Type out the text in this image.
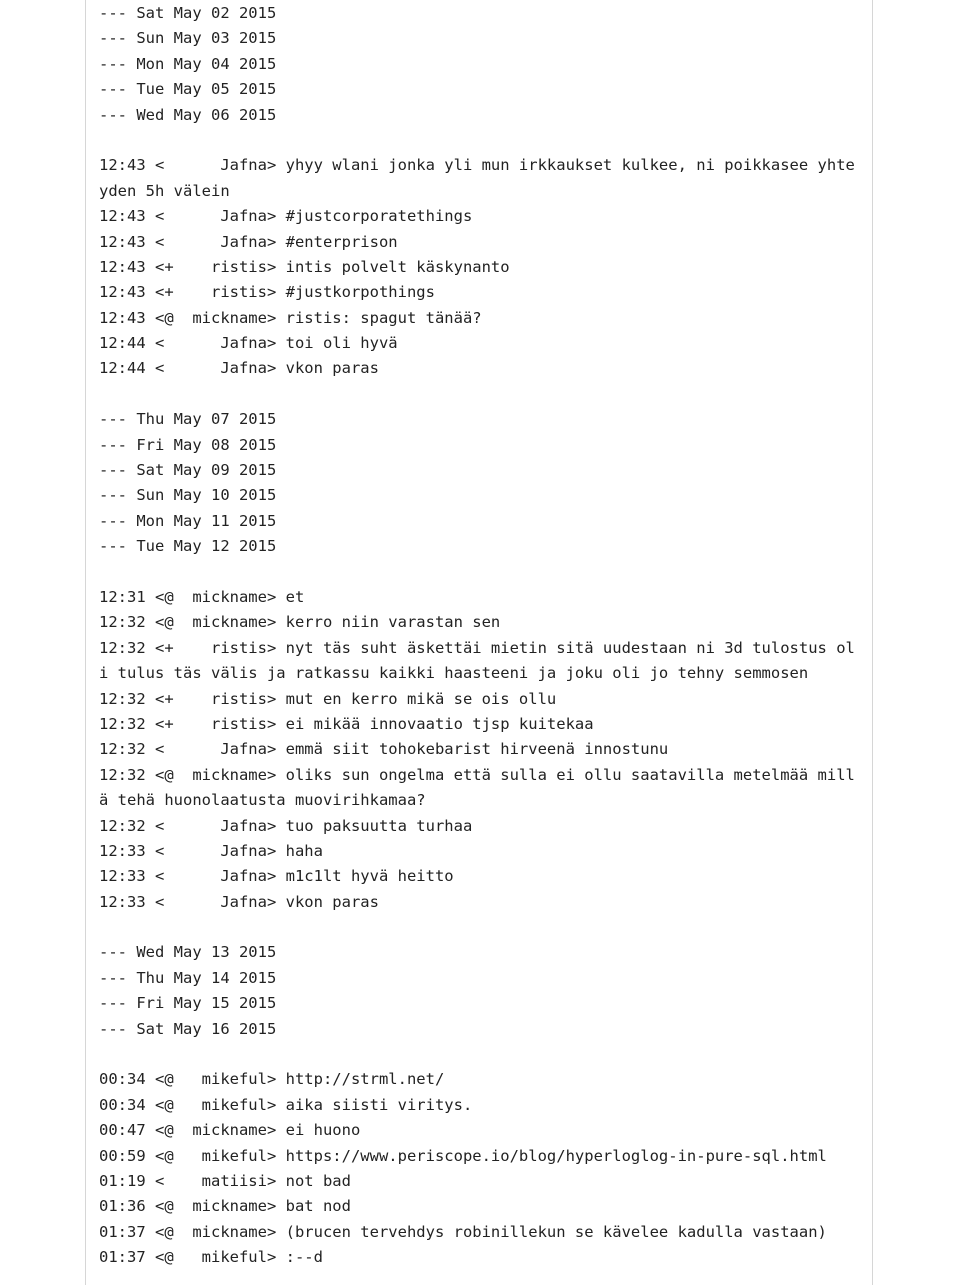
--- Sat May 02 2015
--- Sun May 03 2015
--- Mon May 04 2015
--- Tue May 05 2015
--- Wed May 06 2015
12:43 <      Jafna> yhyy wlani jonka yli mun irkkaukset kulkee, ni poikkasee yhte
yden 5h välein
12:43 <      Jafna> #justcorporatethings
12:43 <      Jafna> #enterprison
12:43 <+    ristis> intis polvelt käskynanto
12:43 <+    ristis> #justkorpothings
12:43 <@  mickname> ristis: spagut tänää?
12:44 <      Jafna> toi oli hyvä
12:44 <      Jafna> vkon paras
--- Thu May 07 2015
--- Fri May 08 2015
--- Sat May 09 2015
--- Sun May 10 2015
--- Mon May 11 2015
--- Tue May 12 2015
12:31 <@  mickname> et
12:32 <@  mickname> kerro niin varastan sen
12:32 <+    ristis> nyt täs suht äskettäi mietin sitä uudestaan ni 3d tulostus ol
i tulus täs välis ja ratkassu kaikki haasteeni ja joku oli jo tehny semmosen
12:32 <+    ristis> mut en kerro mikä se ois ollu
12:32 <+    ristis> ei mikää innovaatio tjsp kuitekaa
12:32 <      Jafna> emmä siit tohokebarist hirveenä innostunu
12:32 <@  mickname> oliks sun ongelma että sulla ei ollu saatavilla metelmää mill
ä tehä huonolaatusta muovirihkamaa?
12:32 <      Jafna> tuo paksuutta turhaa
12:33 <      Jafna> haha
12:33 <      Jafna> m1c1lt hyvä heitto
12:33 <      Jafna> vkon paras
--- Wed May 13 2015
--- Thu May 14 2015
--- Fri May 15 2015
--- Sat May 16 2015
00:34 <@   mikeful> http://strml.net/
00:34 <@   mikeful> aika siisti viritys.
00:47 <@  mickname> ei huono
00:59 <@   mikeful> https://www.periscope.io/blog/hyperloglog-in-pure-sql.html
01:19 <    matiisi> not bad
01:36 <@  mickname> bat nod
01:37 <@  mickname> (brucen tervehdys robinillekun se kävelee kadulla vastaan)
01:37 <@   mikeful> :--d
